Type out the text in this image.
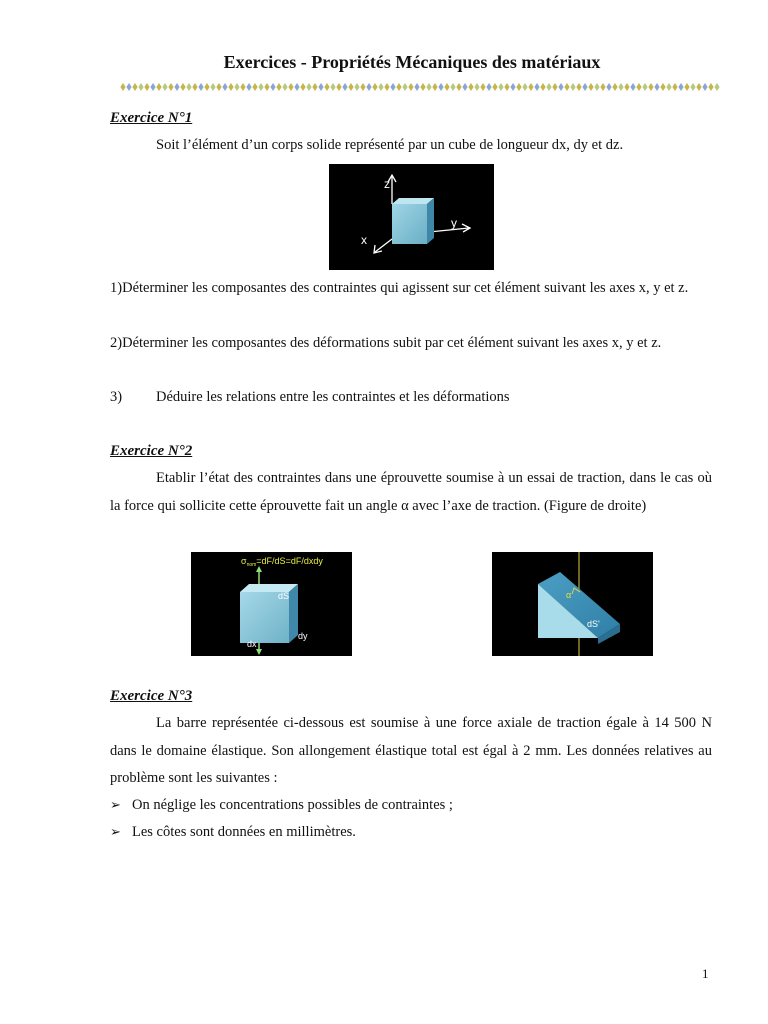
Exercices - Propriétés Mécaniques des matériaux
Exercice N°1
Soit l’élément d’un corps solide représenté par un cube de longueur dx, dy et dz.
z
y
x
1)Déterminer les composantes des contraintes qui agissent sur cet élément suivant les axes x, y et z.
2)Déterminer les composantes des déformations subit par cet élément suivant les axes x, y et z.
3) Déduire les relations entre les contraintes et les déformations
Exercice N°2
Etablir l’état des contraintes dans une éprouvette soumise à un essai de traction, dans le cas où la force qui sollicite cette éprouvette fait un angle α avec l’axe de traction. (Figure de droite)
$\sigma_{nom}=dF/dS=dF$/dxdy
dS
dy
dx
α
dS'
Exercice N°3
La barre représentée ci-dessous est soumise à une force axiale de traction égale à 14 500 N dans le domaine élastique. Son allongement élastique total est égal à 2 mm. Les données relatives au problème sont les suivantes :
➢ On néglige les concentrations possibles de contraintes ;
➢ Les côtes sont données en millimètres.
1
